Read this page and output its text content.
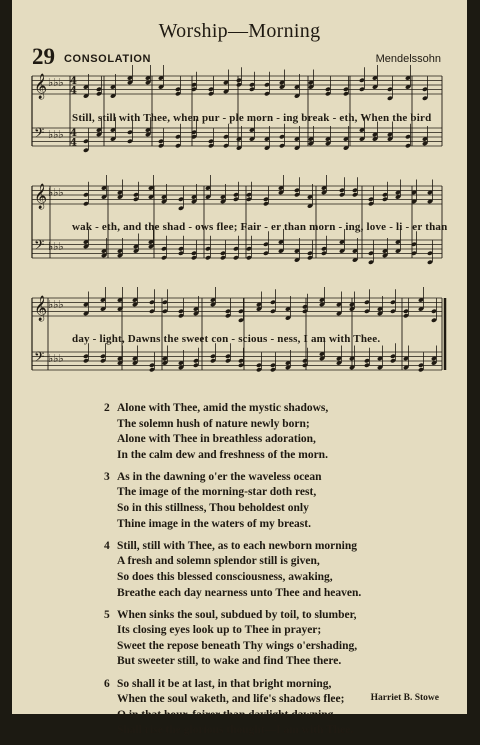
Worship—Morning
29 CONSOLATION	Mendelssohn
𝄞 ♭♭♭ 4
4
𝄢 ♭♭♭ 4
4
𝄞 ♭♭♭
𝄢 ♭♭♭
𝄞 ♭♭♭
𝄢 ♭♭♭
Still, still with Thee, when pur - ple morn - ing break - eth, When the bird
wak - eth, and the shad - ows flee; Fair - er than morn - ing, love - li - er than
day - light, Dawns the sweet con - scious - ness, I am with Thee.
2 Alone with Thee, amid the mystic shadows,
The solemn hush of nature newly born;
Alone with Thee in breathless adoration,
In the calm dew and freshness of the morn.
3 As in the dawning o'er the waveless ocean
The image of the morning-star doth rest,
So in this stillness, Thou beholdest only
Thine image in the waters of my breast.
4 Still, still with Thee, as to each newborn morning
A fresh and solemn splendor still is given,
So does this blessed consciousness, awaking,
Breathe each day nearness unto Thee and heaven.
5 When sinks the soul, subdued by toil, to slumber,
Its closing eyes look up to Thee in prayer;
Sweet the repose beneath Thy wings o'ershading,
But sweeter still, to wake and find Thee there.
6 So shall it be at last, in that bright morning,
When the soul waketh, and life's shadows flee;
O in that hour, fairer than daylight dawning,
Shall rise the glorious thought—I am with Thee.
Harriet B. Stowe
